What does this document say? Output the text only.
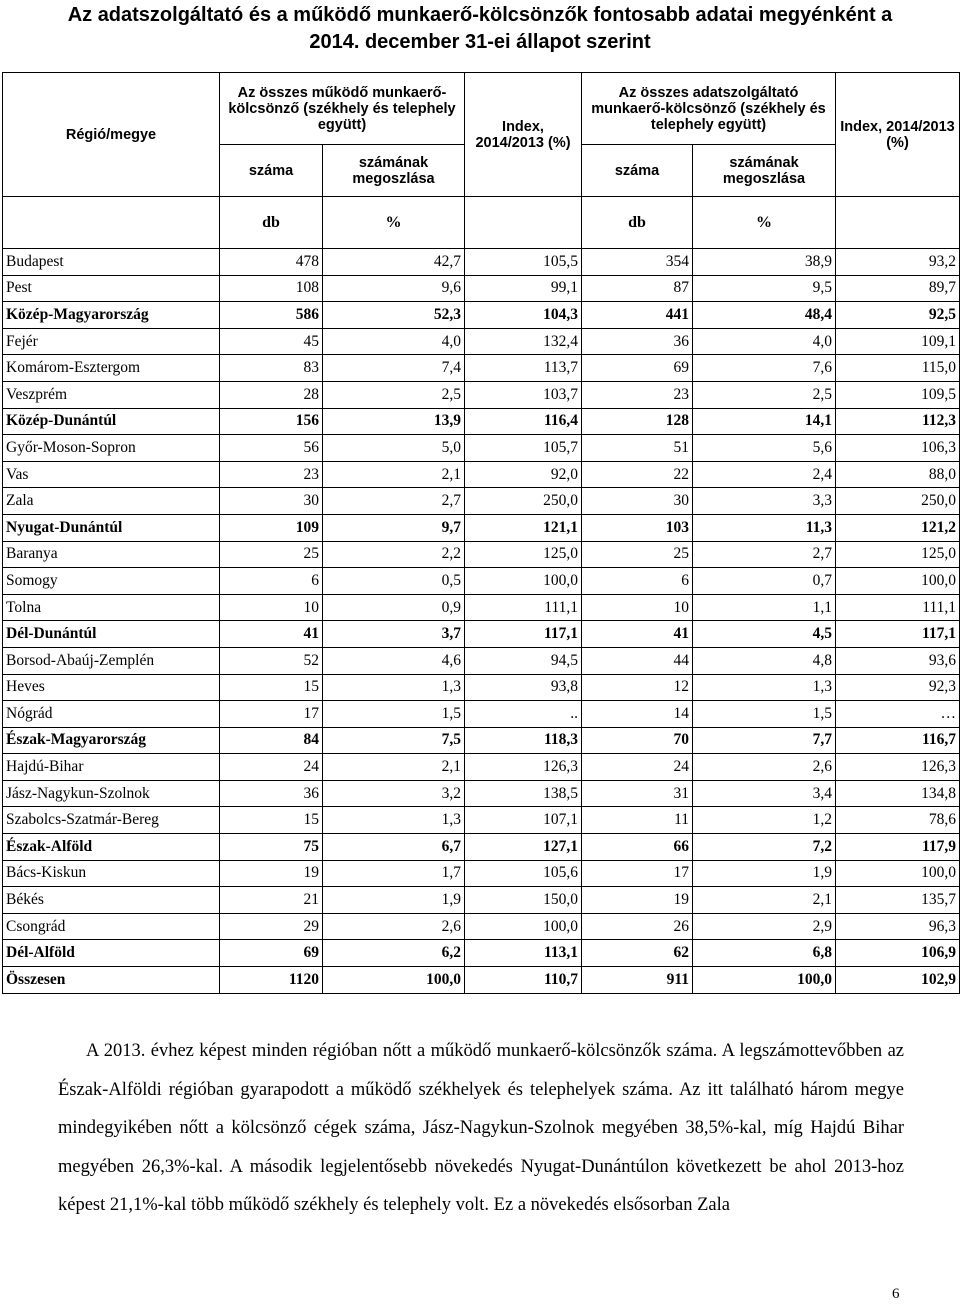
Az adatszolgáltató és a működő munkaerő-kölcsönzők fontosabb adatai megyénként a
2014. december 31-ei állapot szerint
Régió/megye	Az összes működő munkaerő-kölcsönző (székhely és telephely együtt)		Index, 2014/2013 (%)	Az összes adatszolgáltató munkaerő-kölcsönző (székhely és telephely együtt)		Index, 2014/2013 (%)
	száma	számának megoszlása		száma	számának megoszlása	
	db	%		db	%	
Budapest	478	42,7	105,5	354	38,9	93,2
Pest	108	9,6	99,1	87	9,5	89,7
Közép-Magyarország	586	52,3	104,3	441	48,4	92,5
Fejér	45	4,0	132,4	36	4,0	109,1
Komárom-Esztergom	83	7,4	113,7	69	7,6	115,0
Veszprém	28	2,5	103,7	23	2,5	109,5
Közép-Dunántúl	156	13,9	116,4	128	14,1	112,3
Győr-Moson-Sopron	56	5,0	105,7	51	5,6	106,3
Vas	23	2,1	92,0	22	2,4	88,0
Zala	30	2,7	250,0	30	3,3	250,0
Nyugat-Dunántúl	109	9,7	121,1	103	11,3	121,2
Baranya	25	2,2	125,0	25	2,7	125,0
Somogy	6	0,5	100,0	6	0,7	100,0
Tolna	10	0,9	111,1	10	1,1	111,1
Dél-Dunántúl	41	3,7	117,1	41	4,5	117,1
Borsod-Abaúj-Zemplén	52	4,6	94,5	44	4,8	93,6
Heves	15	1,3	93,8	12	1,3	92,3
Nógrád	17	1,5	..	14	1,5	…
Észak-Magyarország	84	7,5	118,3	70	7,7	116,7
Hajdú-Bihar	24	2,1	126,3	24	2,6	126,3
Jász-Nagykun-Szolnok	36	3,2	138,5	31	3,4	134,8
Szabolcs-Szatmár-Bereg	15	1,3	107,1	11	1,2	78,6
Észak-Alföld	75	6,7	127,1	66	7,2	117,9
Bács-Kiskun	19	1,7	105,6	17	1,9	100,0
Békés	21	1,9	150,0	19	2,1	135,7
Csongrád	29	2,6	100,0	26	2,9	96,3
Dél-Alföld	69	6,2	113,1	62	6,8	106,9
Összesen	1120	100,0	110,7	911	100,0	102,9
A 2013. évhez képest minden régióban nőtt a működő munkaerő-kölcsönzők száma. A legszámottevőbben az Észak-Alföldi régióban gyarapodott a működő székhelyek és telephelyek száma. Az itt található három megye mindegyikében nőtt a kölcsönző cégek száma, Jász-Nagykun-Szolnok megyében 38,5%-kal, míg Hajdú Bihar megyében 26,3%-kal. A második legjelentősebb növekedés Nyugat-Dunántúlon következett be ahol 2013-hoz képest 21,1%-kal több működő székhely és telephely volt. Ez a növekedés elsősorban Zala
6
